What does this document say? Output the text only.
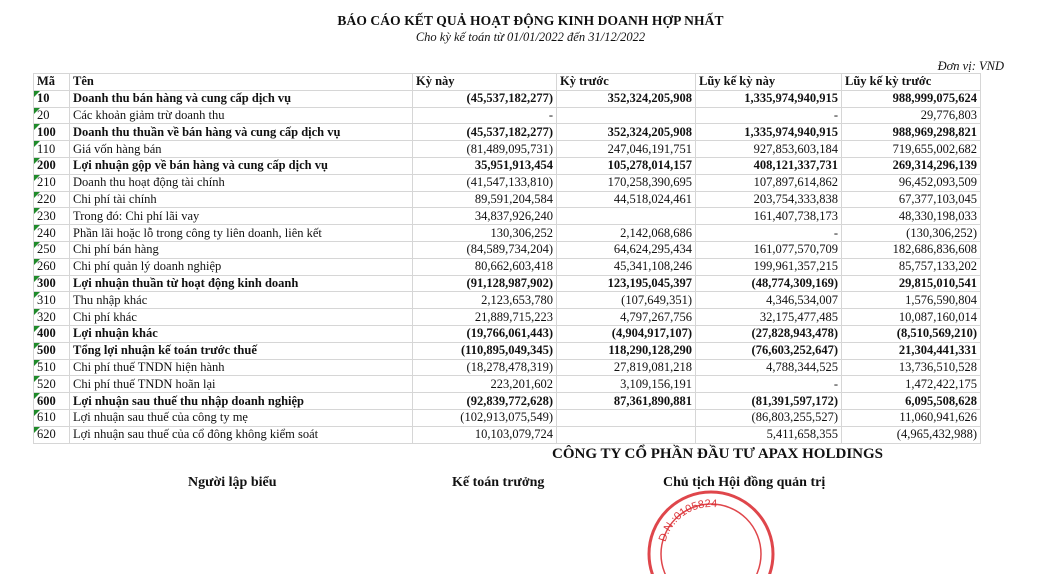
BÁO CÁO KẾT QUẢ HOẠT ĐỘNG KINH DOANH HỢP NHẤT
Cho kỳ kế toán từ 01/01/2022 đến 31/12/2022
Đơn vị: VND
Mã	Tên	Kỳ này	Kỳ trước	Lũy kế kỳ này	Lũy kế kỳ trước

10	Doanh thu bán hàng và cung cấp dịch vụ	(45,537,182,277)	352,324,205,908	1,335,974,940,915	988,999,075,624

20	Các khoản giảm trừ doanh thu	-		-	29,776,803

100	Doanh thu thuần về bán hàng và cung cấp dịch vụ	(45,537,182,277)	352,324,205,908	1,335,974,940,915	988,969,298,821

110	Giá vốn hàng bán	(81,489,095,731)	247,046,191,751	927,853,603,184	719,655,002,682

200	Lợi nhuận gộp về bán hàng và cung cấp dịch vụ	35,951,913,454	105,278,014,157	408,121,337,731	269,314,296,139

210	Doanh thu hoạt động tài chính	(41,547,133,810)	170,258,390,695	107,897,614,862	96,452,093,509

220	Chi phí tài chính	89,591,204,584	44,518,024,461	203,754,333,838	67,377,103,045

230	Trong đó: Chi phí lãi vay	34,837,926,240		161,407,738,173	48,330,198,033

240	Phần lãi hoặc lỗ trong công ty liên doanh, liên kết	130,306,252	2,142,068,686	-	(130,306,252)

250	Chi phí bán hàng	(84,589,734,204)	64,624,295,434	161,077,570,709	182,686,836,608

260	Chi phí quản lý doanh nghiệp	80,662,603,418	45,341,108,246	199,961,357,215	85,757,133,202

300	Lợi nhuận thuần từ hoạt động kinh doanh	(91,128,987,902)	123,195,045,397	(48,774,309,169)	29,815,010,541

310	Thu nhập khác	2,123,653,780	(107,649,351)	4,346,534,007	1,576,590,804

320	Chi phí khác	21,889,715,223	4,797,267,756	32,175,477,485	10,087,160,014

400	Lợi nhuận khác	(19,766,061,443)	(4,904,917,107)	(27,828,943,478)	(8,510,569,210)

500	Tổng lợi nhuận kế toán trước thuế	(110,895,049,345)	118,290,128,290	(76,603,252,647)	21,304,441,331

510	Chi phí thuế TNDN hiện hành	(18,278,478,319)	27,819,081,218	4,788,344,525	13,736,510,528

520	Chi phí thuế TNDN hoãn lại	223,201,602	3,109,156,191	-	1,472,422,175

600	Lợi nhuận sau thuế thu nhập doanh nghiệp	(92,839,772,628)	87,361,890,881	(81,391,597,172)	6,095,508,628

610	Lợi nhuận sau thuế của công ty mẹ	(102,913,075,549)		(86,803,255,527)	11,060,941,626

620	Lợi nhuận sau thuế của cổ đông không kiểm soát	10,103,079,724		5,411,658,355	(4,965,432,988)
CÔNG TY CỔ PHẦN ĐẦU TƯ APAX HOLDINGS
Người lập biểu	Kế toán trưởng
D.N.:0105824
Chủ tịch Hội đồng quản trị
